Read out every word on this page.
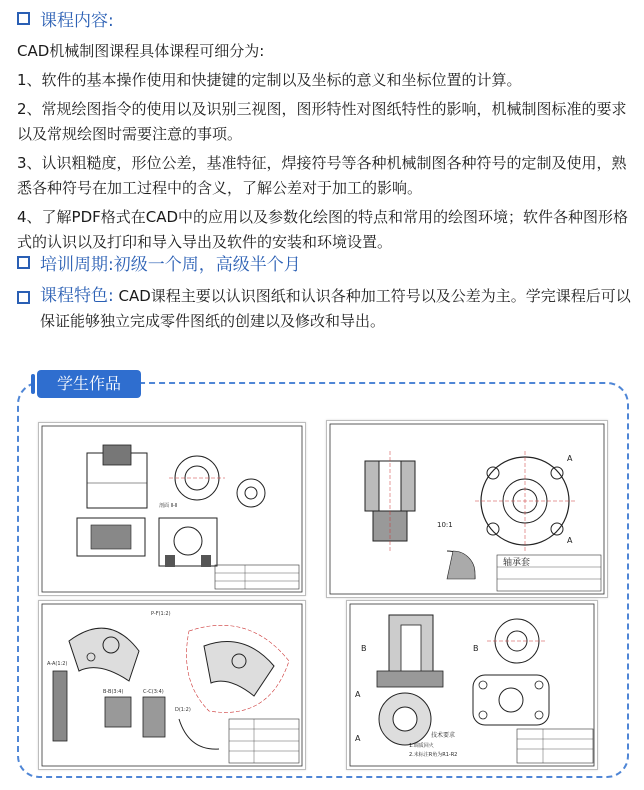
课程内容:

CAD机械制图课程具体课程可细分为:

1、软件的基本操作使用和快捷键的定制以及坐标的意义和坐标位置的计算。

2、常规绘图指令的使用以及识别三视图，图形特性对图纸特性的影响，机械制图标准的要求以及常规绘图时需要注意的事项。

3、认识粗糙度，形位公差，基准特征，焊接符号等各种机械制图各种符号的定制及使用，熟悉各种符号在加工过程中的含义，了解公差对于加工的影响。

4、了解PDF格式在CAD中的应用以及参数化绘图的特点和常用的绘图环境；软件各种图形格式的认识以及打印和导入导出及软件的安装和环境设置。

培训周期: 初级一个周，高级半个月
课程特色: CAD课程主要以认识图纸和认识各种加工符号以及公差为主。学完课程后可以保证能够独立完成零件图纸的创建以及修改和导出。
学生作品
剖面 Ⅱ-Ⅱ
A
A
10:1
轴承套
P-F(1:2)
A-A(1:2)
B-B(3:4)	C-C(3:4)
D(1:2)
B	B
A
A	技术要求
1.调质回火
2.未标注R角为R1-R2
